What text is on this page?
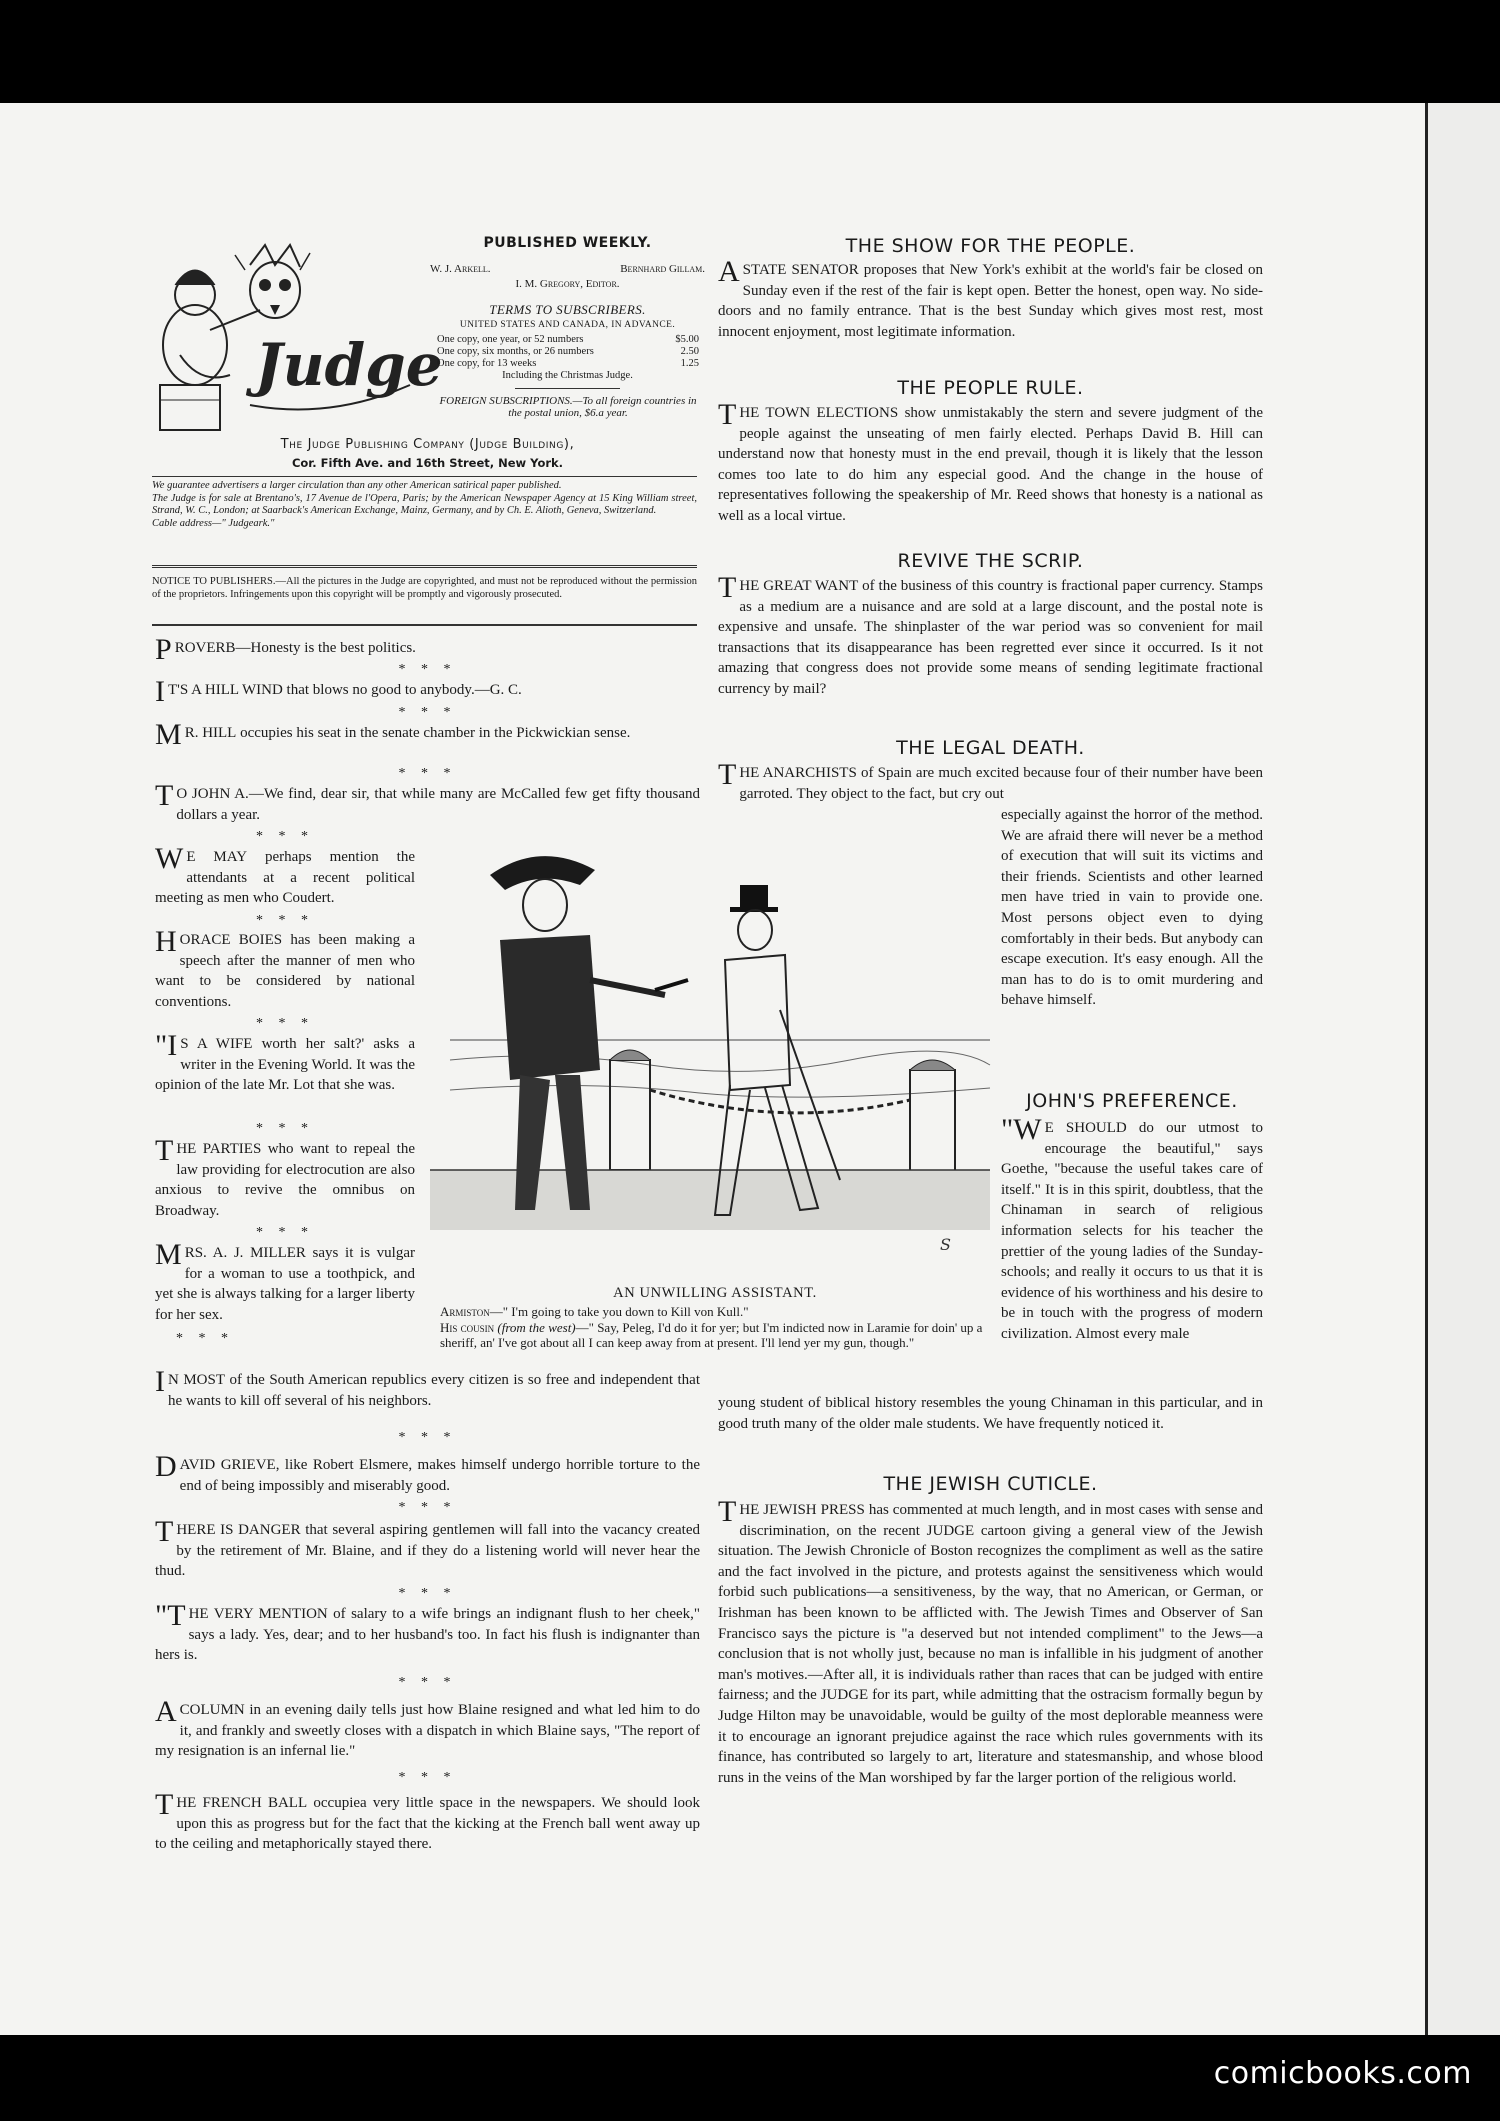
comicbooks.com
Judge
PUBLISHED WEEKLY.
W. J. Arkell.	Bernhard Gillam.
I. M. Gregory, Editor.
TERMS TO SUBSCRIBERS.
UNITED STATES AND CANADA, IN ADVANCE.
One copy, one year, or 52 numbers	$5.00
One copy, six months, or 26 numbers	2.50
One copy, for 13 weeks	1.25
Including the Christmas Judge.
FOREIGN SUBSCRIPTIONS.—To all foreign countries in the postal union, $6.a year.
The Judge Publishing Company (Judge Building),
Cor. Fifth Ave. and 16th Street, New York.
We guarantee advertisers a larger circulation than any other American satirical paper published.
The Judge is for sale at Brentano's, 17 Avenue de l'Opera, Paris; by the American Newspaper Agency at 15 King William street, Strand, W. C., London; at Saarback's American Exchange, Mainz, Germany, and by Ch. E. Alioth, Geneva, Switzerland.
Cable address—" Judgeark."
NOTICE TO PUBLISHERS.—All the pictures in the Judge are copyrighted, and must not be reproduced without the permission of the proprietors. Infringements upon this copyright will be promptly and vigorously prosecuted.

PROVERB—Honesty is the best politics.

* * *

I T'S A HILL WIND that blows no good to anybody.—G. C.

* * *

M R. HILL occupies his seat in the senate chamber in the Pickwickian sense.

* * *

T O JOHN A.—We find, dear sir, that while many are McCalled few get fifty thousand dollars a year.

* * *

W E MAY perhaps mention the attendants at a recent political meeting as men who Coudert.

* * *

HORACE BOIES has been making a speech after the manner of men who want to be considered by national conventions.

* * *

"I S A WIFE worth her salt?' asks a writer in the Evening World. It was the opinion of the late Mr. Lot that she was.

* * *

THE PARTIES who want to repeal the law providing for electrocution are also anxious to revive the omnibus on Broadway.

* * *

MRS. A. J. MILLER says it is vulgar for a woman to use a toothpick, and yet she is always talking for a larger liberty for her sex.

* * *

I N MOST of the South American republics every citizen is so free and independent that he wants to kill off several of his neighbors.

* * *

DAVID GRIEVE, like Robert Elsmere, makes himself undergo horrible torture to the end of being impossibly and miserably good.

* * *

THERE IS DANGER that several aspiring gentlemen will fall into the vacancy created by the retirement of Mr. Blaine, and if they do a listening world will never hear the thud.

* * *

"THE VERY MENTION of salary to a wife brings an indignant flush to her cheek," says a lady. Yes, dear; and to her husband's too. In fact his flush is indignanter than hers is.

* * *

A COLUMN in an evening daily tells just how Blaine resigned and what led him to do it, and frankly and sweetly closes with a dispatch in which Blaine says, "The report of my resignation is an infernal lie."

* * *

THE FRENCH BALL occupiea very little space in the newspapers. We should look upon this as progress but for the fact that the kicking at the French ball went away up to the ceiling and metaphorically stayed there.

THE SHOW FOR THE PEOPLE.

A STATE SENATOR proposes that New York's exhibit at the world's fair be closed on Sunday even if the rest of the fair is kept open. Better the honest, open way. No side-doors and no family entrance. That is the best Sunday which gives most rest, most innocent enjoyment, most legitimate information.

THE PEOPLE RULE.

THE TOWN ELECTIONS show unmistakably the stern and severe judgment of the people against the unseating of men fairly elected. Perhaps David B. Hill can understand now that honesty must in the end prevail, though it is likely that the lesson comes too late to do him any especial good. And the change in the house of representatives following the speakership of Mr. Reed shows that honesty is a national as well as a local virtue.

REVIVE THE SCRIP.

THE GREAT WANT of the business of this country is fractional paper currency. Stamps as a medium are a nuisance and are sold at a large discount, and the postal note is expensive and unsafe. The shinplaster of the war period was so convenient for mail transactions that its disappearance has been regretted ever since it occurred. Is it not amazing that congress does not provide some means of sending legitimate fractional currency by mail?

THE LEGAL DEATH.

THE ANARCHISTS of Spain are much excited because four of their number have been garroted. They object to the fact, but cry out

especially against the horror of the method. We are afraid there will never be a method of execution that will suit its victims and their friends. Scientists and other learned men have tried in vain to provide one. Most persons object even to dying comfortably in their beds. But anybody can escape execution. It's easy enough. All the man has to do is to omit murdering and behave himself.

JOHN'S PREFERENCE.

"W E SHOULD do our utmost to encourage the beautiful," says Goethe, "because the useful takes care of itself." It is in this spirit, doubtless, that the Chinaman in search of religious information selects for his teacher the prettier of the young ladies of the Sunday-schools; and really it occurs to us that it is evidence of his worthiness and his desire to be in touch with the progress of modern civilization. Almost every male

young student of biblical history resembles the young Chinaman in this particular, and in good truth many of the older male students. We have frequently noticed it.

THE JEWISH CUTICLE.

THE JEWISH PRESS has commented at much length, and in most cases with sense and discrimination, on the recent JUDGE cartoon giving a general view of the Jewish situation. The Jewish Chronicle of Boston recognizes the compliment as well as the satire and the fact involved in the picture, and protests against the sensitiveness which would forbid such publications—a sensitiveness, by the way, that no American, or German, or Irishman has been known to be afflicted with. The Jewish Times and Observer of San Francisco says the picture is "a deserved but not intended compliment" to the Jews—a conclusion that is not wholly just, because no man is infallible in his judgment of another man's motives.—After all, it is individuals rather than races that can be judged with entire fairness; and the JUDGE for its part, while admitting that the ostracism formally begun by Judge Hilton may be unavoidable, would be guilty of the most deplorable meanness were it to encourage an ignorant prejudice against the race which rules governments with its finance, has contributed so largely to art, literature and statesmanship, and whose blood runs in the veins of the Man worshiped by far the larger portion of the religious world.

S
AN UNWILLING ASSISTANT.
Armiston—" I'm going to take you down to Kill von Kull."
His cousin (from the west)—" Say, Peleg, I'd do it for yer; but I'm indicted now in Laramie for doin' up a sheriff, an' I've got about all I can keep away from at present. I'll lend yer my gun, though."
